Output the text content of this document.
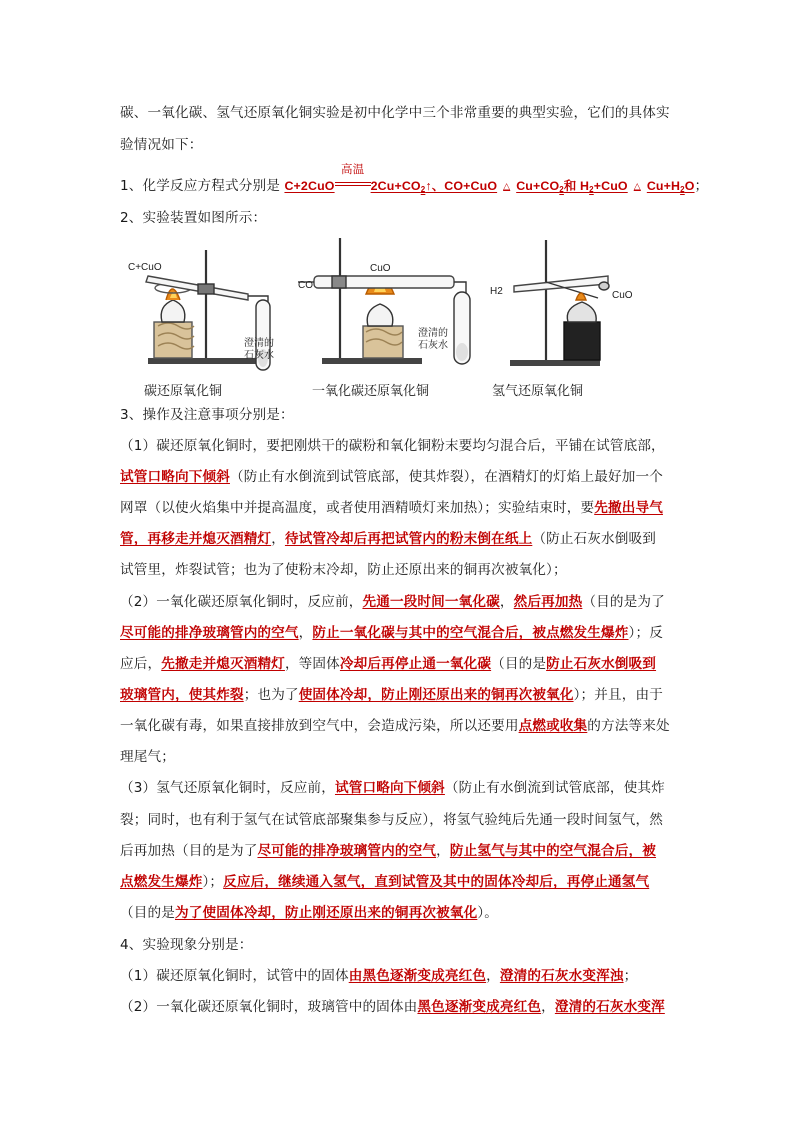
碳、一氧化碳、氢气还原氧化铜实验是初中化学中三个非常重要的典型实验，它们的具体实
验情况如下：
1、化学反应方程式分别是 C+2CuO
高温
$2Cu+CO_2↑$、CO+CuO △ $Cu+CO_2$和 $H_2+CuO$ △ $Cu+H_2O$；
2、实验装置如图所示：
C+CuO
澄清的
石灰水
CO
CuO
澄清的
石灰水
H2	CuO
碳还原氧化铜	一氧化碳还原氧化铜	氢气还原氧化铜
3、操作及注意事项分别是：
（1）碳还原氧化铜时，要把刚烘干的碳粉和氧化铜粉末要均匀混合后，平铺在试管底部，
试管口略向下倾斜（防止有水倒流到试管底部，使其炸裂），在酒精灯的灯焰上最好加一个
网罩（以使火焰集中并提高温度，或者使用酒精喷灯来加热）；实验结束时，要先撤出导气
管，再移走并熄灭酒精灯，待试管冷却后再把试管内的粉末倒在纸上（防止石灰水倒吸到
试管里，炸裂试管；也为了使粉末冷却，防止还原出来的铜再次被氧化）；
（2）一氧化碳还原氧化铜时，反应前，先通一段时间一氧化碳，然后再加热（目的是为了
尽可能的排净玻璃管内的空气，防止一氧化碳与其中的空气混合后，被点燃发生爆炸）；反
应后，先撤走并熄灭酒精灯，等固体冷却后再停止通一氧化碳（目的是防止石灰水倒吸到
玻璃管内，使其炸裂；也为了使固体冷却，防止刚还原出来的铜再次被氧化）；并且，由于
一氧化碳有毒，如果直接排放到空气中，会造成污染，所以还要用点燃或收集的方法等来处
理尾气；
（3）氢气还原氧化铜时，反应前，试管口略向下倾斜（防止有水倒流到试管底部，使其炸
裂；同时，也有利于氢气在试管底部聚集参与反应），将氢气验纯后先通一段时间氢气，然
后再加热（目的是为了尽可能的排净玻璃管内的空气，防止氢气与其中的空气混合后，被
点燃发生爆炸）；反应后，继续通入氢气，直到试管及其中的固体冷却后，再停止通氢气
（目的是为了使固体冷却，防止刚还原出来的铜再次被氧化）。
4、实验现象分别是：
（1）碳还原氧化铜时，试管中的固体由黑色逐渐变成亮红色，澄清的石灰水变浑浊；
（2）一氧化碳还原氧化铜时，玻璃管中的固体由黑色逐渐变成亮红色，澄清的石灰水变浑
